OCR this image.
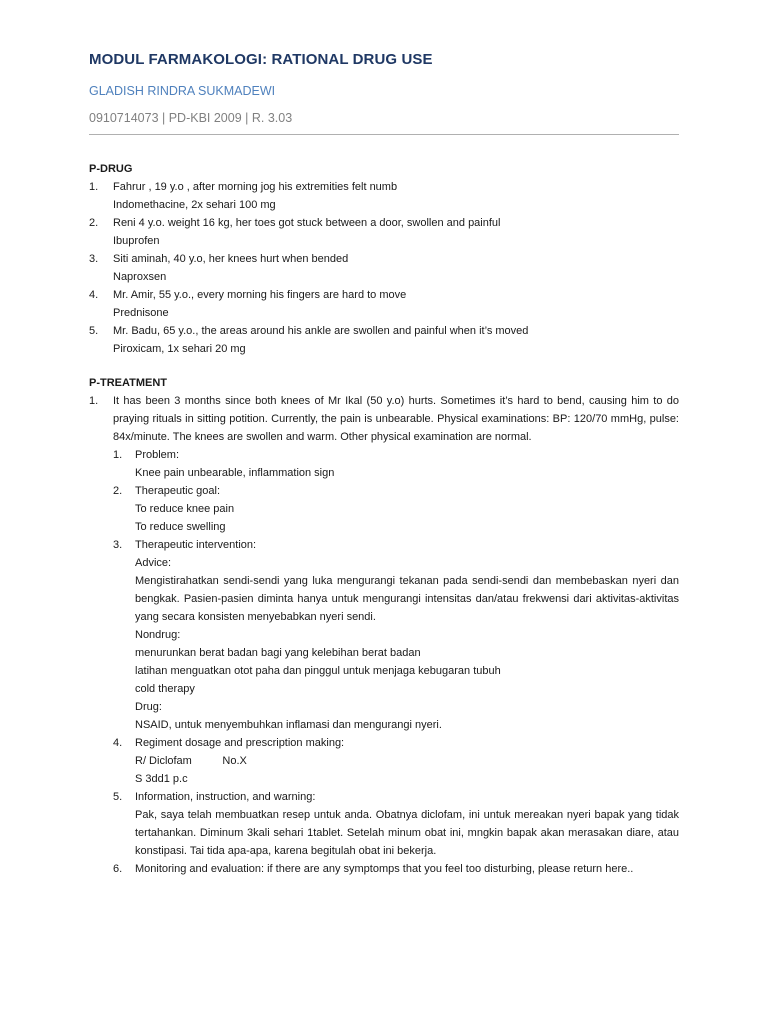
MODUL FARMAKOLOGI: RATIONAL DRUG USE
GLADISH RINDRA SUKMADEWI
0910714073 | PD-KBI 2009 | R. 3.03
P-DRUG
1. Fahrur , 19 y.o , after morning jog his extremities felt numb
Indomethacine, 2x sehari 100 mg
2. Reni 4 y.o. weight 16 kg, her toes got stuck between a door, swollen and painful
Ibuprofen
3. Siti aminah, 40 y.o, her knees hurt when bended
Naproxsen
4. Mr. Amir, 55 y.o., every morning his fingers are hard to move
Prednisone
5. Mr. Badu, 65 y.o., the areas around his ankle are swollen and painful when it’s moved
Piroxicam, 1x sehari 20 mg
P-TREATMENT
1. It has been 3 months since both knees of Mr Ikal (50 y.o) hurts. Sometimes it’s hard to bend, causing him to do praying rituals in sitting potition. Currently, the pain is unbearable. Physical examinations: BP: 120/70 mmHg, pulse: 84x/minute. The knees are swollen and warm. Other physical examination are normal.
1. Problem:
Knee pain unbearable, inflammation sign
2. Therapeutic goal:
To reduce knee pain
To reduce swelling
3. Therapeutic intervention:
Advice:
Mengistirahatkan sendi-sendi yang luka mengurangi tekanan pada sendi-sendi dan membebaskan nyeri dan bengkak. Pasien-pasien diminta hanya untuk mengurangi intensitas dan/atau frekwensi dari aktivitas-aktivitas yang secara konsisten menyebabkan nyeri sendi.
Nondrug:
menurunkan berat badan bagi yang kelebihan berat badan
latihan menguatkan otot paha dan pinggul untuk menjaga kebugaran tubuh
cold therapy
Drug:
NSAID, untuk menyembuhkan inflamasi dan mengurangi nyeri.
4. Regiment dosage and prescription making:
R/ Diclofam          No.X
S 3dd1 p.c
5. Information, instruction, and warning:
Pak, saya telah membuatkan resep untuk anda. Obatnya diclofam, ini untuk mereakan nyeri bapak yang tidak tertahankan. Diminum 3kali sehari 1tablet. Setelah minum obat ini, mngkin bapak akan merasakan diare, atau konstipasi. Tai tida apa-apa, karena begitulah obat ini bekerja.
6. Monitoring and evaluation: if there are any symptomps that you feel too disturbing, please return here..
